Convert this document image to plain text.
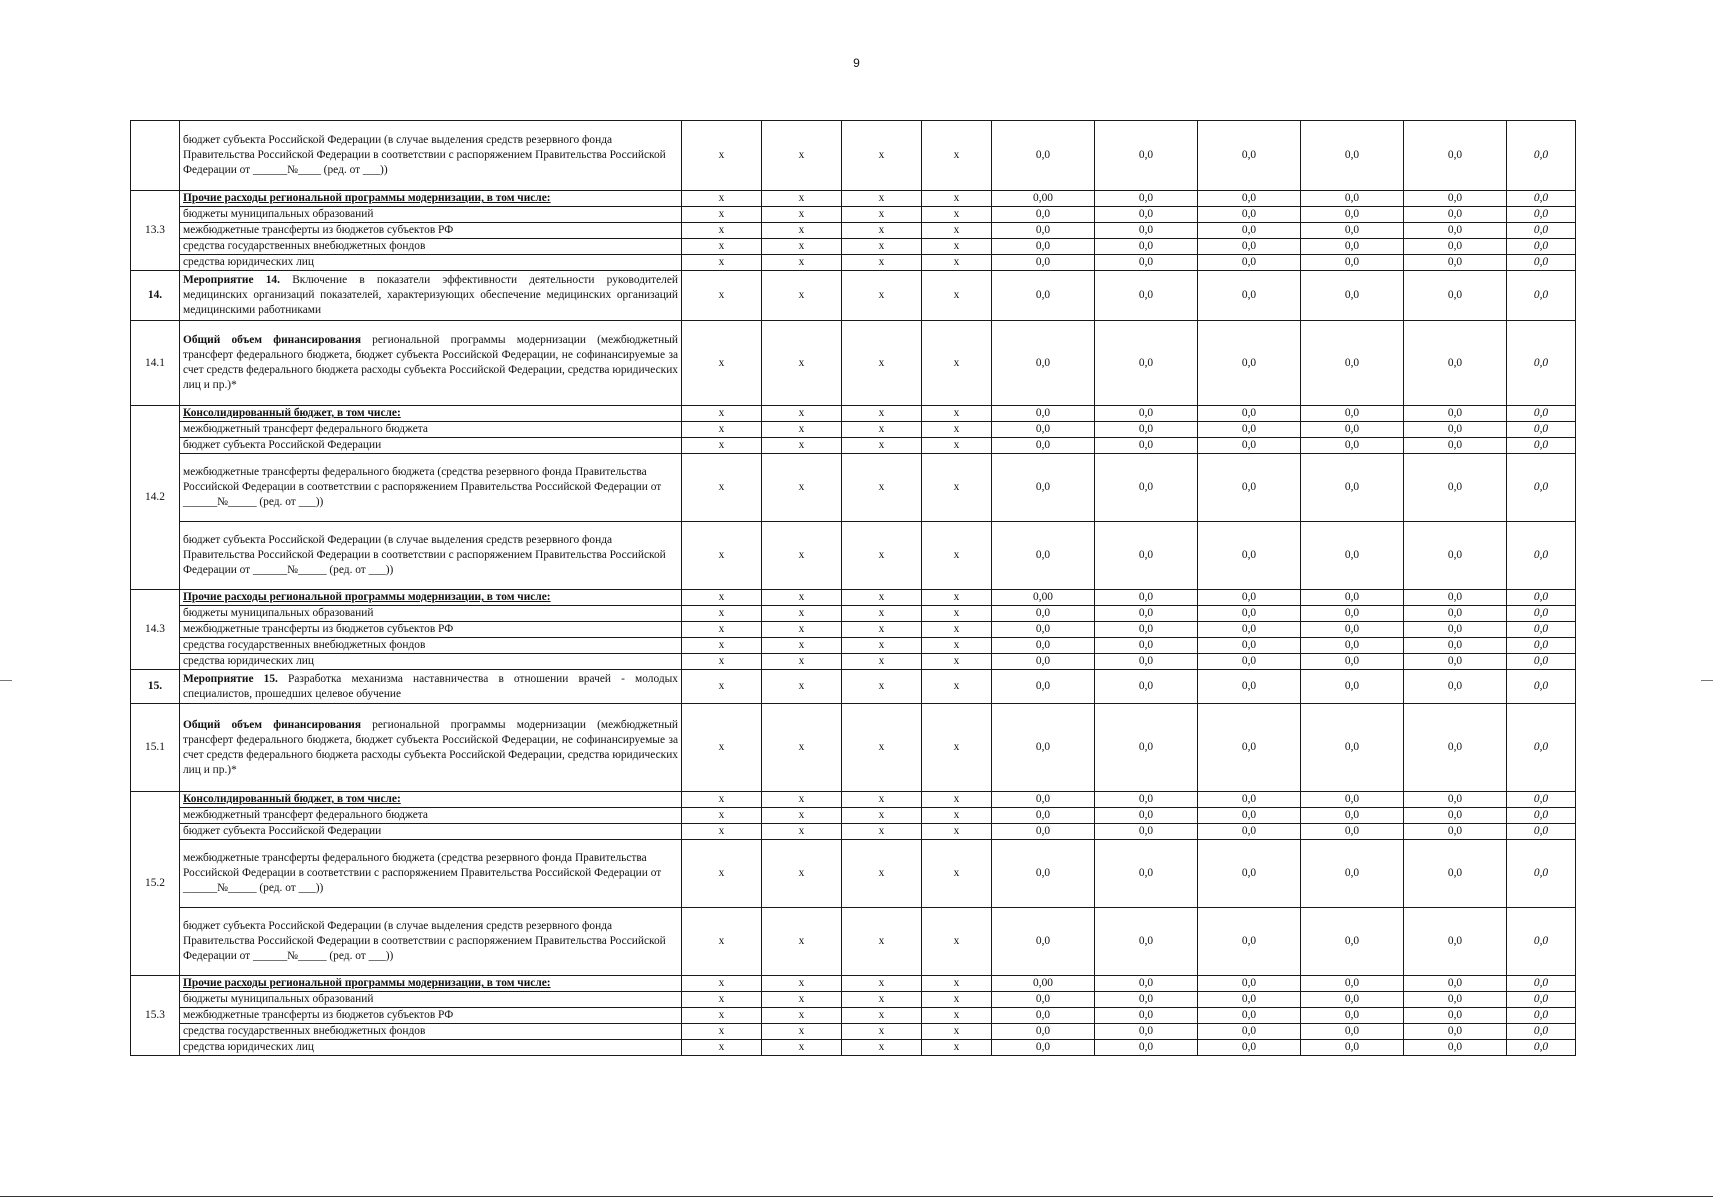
9
	бюджет субъекта Российской Федерации (в случае выделения средств резервного фонда Правительства Российской Федерации в соответствии с распоряжением Правительства Российской Федерации от ______№____ (ред. от ___))	x	x	x	x	0,0	0,0	0,0	0,0	0,0	0,0
13.3	Прочие расходы региональной программы модернизации, в том числе:	x	x	x	x	0,00	0,0	0,0	0,0	0,0	0,0
	бюджеты муниципальных образований	x	x	x	x	0,0	0,0	0,0	0,0	0,0	0,0
	межбюджетные трансферты из бюджетов субъектов РФ	x	x	x	x	0,0	0,0	0,0	0,0	0,0	0,0
	средства государственных внебюджетных фондов	x	x	x	x	0,0	0,0	0,0	0,0	0,0	0,0
	средства юридических лиц	x	x	x	x	0,0	0,0	0,0	0,0	0,0	0,0
14.	Мероприятие 14. Включение в показатели эффективности деятельности руководителей медицинских организаций показателей, характеризующих обеспечение медицинских организаций медицинскими работниками	x	x	x	x	0,0	0,0	0,0	0,0	0,0	0,0
14.1	Общий объем финансирования региональной программы модернизации (межбюджетный трансферт федерального бюджета, бюджет субъекта Российской Федерации, не софинансируемые за счет средств федерального бюджета расходы субъекта Российской Федерации, средства юридических лиц и пр.)*	x	x	x	x	0,0	0,0	0,0	0,0	0,0	0,0
14.2	Консолидированный бюджет, в том числе:	x	x	x	x	0,0	0,0	0,0	0,0	0,0	0,0
	межбюджетный трансферт федерального бюджета	x	x	x	x	0,0	0,0	0,0	0,0	0,0	0,0
	бюджет субъекта Российской Федерации	x	x	x	x	0,0	0,0	0,0	0,0	0,0	0,0
	межбюджетные трансферты федерального бюджета (средства резервного фонда Правительства Российской Федерации в соответствии с распоряжением Правительства Российской Федерации от ______№_____ (ред. от ___))	x	x	x	x	0,0	0,0	0,0	0,0	0,0	0,0
	бюджет субъекта Российской Федерации (в случае выделения средств резервного фонда Правительства Российской Федерации в соответствии с распоряжением Правительства Российской Федерации от ______№_____ (ред. от ___))	x	x	x	x	0,0	0,0	0,0	0,0	0,0	0,0
14.3	Прочие расходы региональной программы модернизации, в том числе:	x	x	x	x	0,00	0,0	0,0	0,0	0,0	0,0
	бюджеты муниципальных образований	x	x	x	x	0,0	0,0	0,0	0,0	0,0	0,0
	межбюджетные трансферты из бюджетов субъектов РФ	x	x	x	x	0,0	0,0	0,0	0,0	0,0	0,0
	средства государственных внебюджетных фондов	x	x	x	x	0,0	0,0	0,0	0,0	0,0	0,0
	средства юридических лиц	x	x	x	x	0,0	0,0	0,0	0,0	0,0	0,0
15.	Мероприятие 15. Разработка механизма наставничества в отношении врачей - молодых специалистов, прошедших целевое обучение	x	x	x	x	0,0	0,0	0,0	0,0	0,0	0,0
15.1	Общий объем финансирования региональной программы модернизации (межбюджетный трансферт федерального бюджета, бюджет субъекта Российской Федерации, не софинансируемые за счет средств федерального бюджета расходы субъекта Российской Федерации, средства юридических лиц и пр.)*	x	x	x	x	0,0	0,0	0,0	0,0	0,0	0,0
15.2	Консолидированный бюджет, в том числе:	x	x	x	x	0,0	0,0	0,0	0,0	0,0	0,0
	межбюджетный трансферт федерального бюджета	x	x	x	x	0,0	0,0	0,0	0,0	0,0	0,0
	бюджет субъекта Российской Федерации	x	x	x	x	0,0	0,0	0,0	0,0	0,0	0,0
	межбюджетные трансферты федерального бюджета (средства резервного фонда Правительства Российской Федерации в соответствии с распоряжением Правительства Российской Федерации от ______№_____ (ред. от ___))	x	x	x	x	0,0	0,0	0,0	0,0	0,0	0,0
	бюджет субъекта Российской Федерации (в случае выделения средств резервного фонда Правительства Российской Федерации в соответствии с распоряжением Правительства Российской Федерации от ______№_____ (ред. от ___))	x	x	x	x	0,0	0,0	0,0	0,0	0,0	0,0
15.3	Прочие расходы региональной программы модернизации, в том числе:	x	x	x	x	0,00	0,0	0,0	0,0	0,0	0,0
	бюджеты муниципальных образований	x	x	x	x	0,0	0,0	0,0	0,0	0,0	0,0
	межбюджетные трансферты из бюджетов субъектов РФ	x	x	x	x	0,0	0,0	0,0	0,0	0,0	0,0
	средства государственных внебюджетных фондов	x	x	x	x	0,0	0,0	0,0	0,0	0,0	0,0
	средства юридических лиц	x	x	x	x	0,0	0,0	0,0	0,0	0,0	0,0
